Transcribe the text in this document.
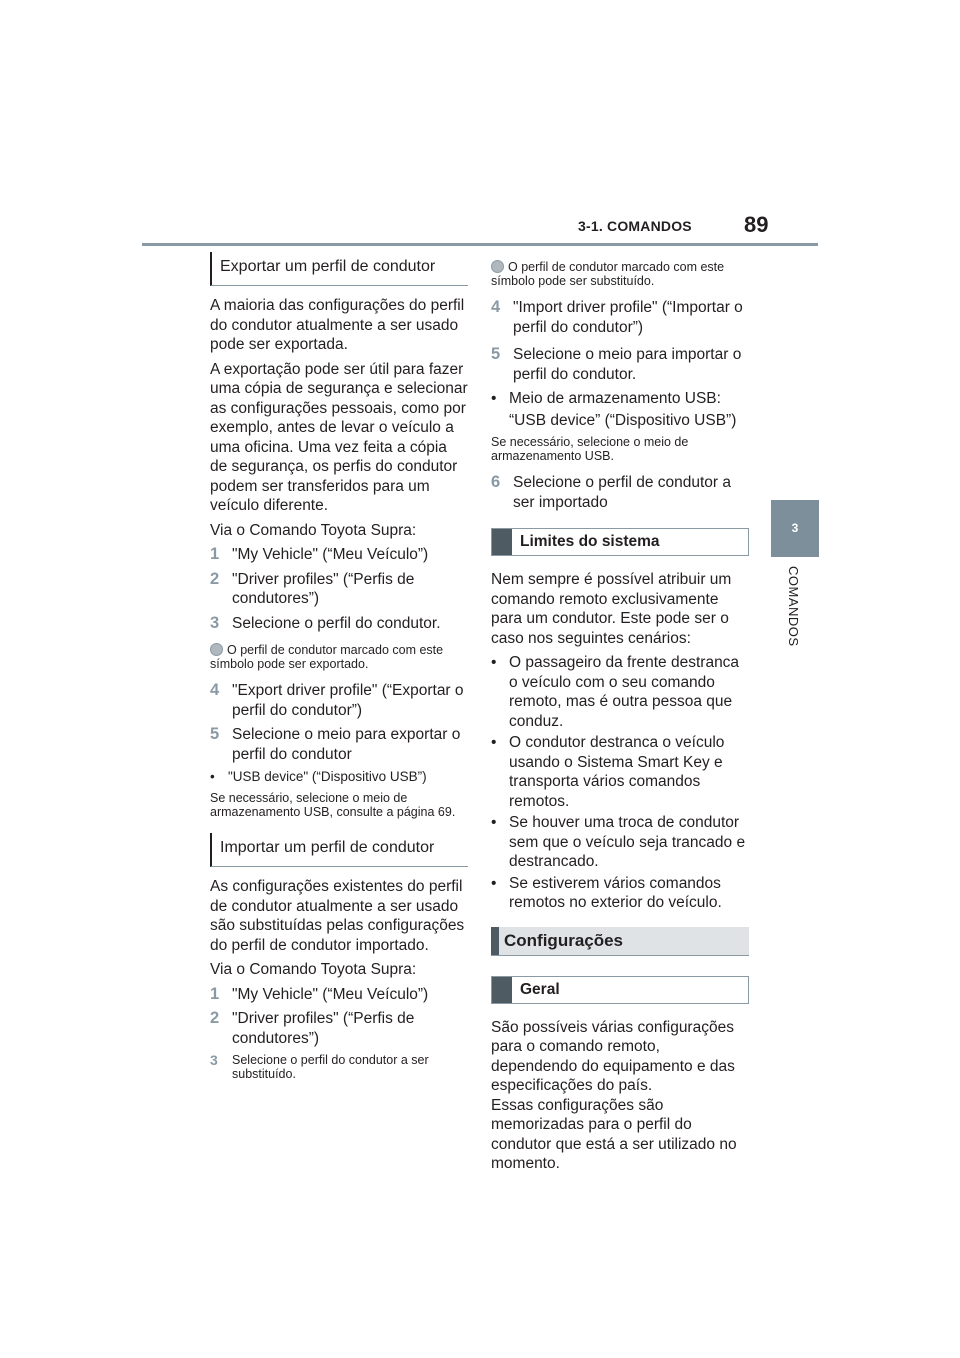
3-1. COMANDOS 89
3
COMANDOS
Exportar um perfil de condutor

A maioria das configurações do perfil do condutor atualmente a ser usado pode ser exportada.

A exportação pode ser útil para fazer uma cópia de segurança e selecionar as configurações pessoais, como por exemplo, antes de levar o veículo a uma oficina. Uma vez feita a cópia de segurança, os perfis do condutor podem ser transferidos para um veículo diferente.

Via o Comando Toyota Supra:

1 "My Vehicle" (“Meu Veículo”)
2 "Driver profiles" (“Perfis de condutores”)
3 Selecione o perfil do condutor.

O perfil de condutor marcado com este símbolo pode ser exportado.

4 "Export driver profile" (“Exportar o perfil do condutor”)
5 Selecione o meio para exportar o perfil do condutor
• "USB device" (“Dispositivo USB”)

Se necessário, selecione o meio de armazenamento USB, consulte a página 69.

Importar um perfil de condutor

As configurações existentes do perfil de condutor atualmente a ser usado são substituídas pelas configurações do perfil de condutor importado.

Via o Comando Toyota Supra:

1 "My Vehicle" (“Meu Veículo”)
2 "Driver profiles" (“Perfis de condutores”)
3	Selecione o perfil do condutor a ser substituído.

O perfil de condutor marcado com este símbolo pode ser substituído.

4 "Import driver profile" (“Importar o perfil do condutor”)
5 Selecione o meio para importar o perfil do condutor.
• Meio de armazenamento USB:

“USB device” (“Dispositivo USB”)

Se necessário, selecione o meio de armazenamento USB.

6 Selecione o perfil de condutor a ser importado
Limites do sistema

Nem sempre é possível atribuir um comando remoto exclusivamente para um condutor. Este pode ser o caso nos seguintes cenários:

• O passageiro da frente destranca o veículo com o seu comando remoto, mas é outra pessoa que conduz.
• O condutor destranca o veículo usando o Sistema Smart Key e transporta vários comandos remotos.
• Se houver uma troca de condutor sem que o veículo seja trancado e destrancado.
• Se estiverem vários comandos remotos no exterior do veículo.
Configurações
Geral

São possíveis várias configurações para o comando remoto, dependendo do equipamento e das especificações do país.

Essas configurações são memorizadas para o perfil do condutor que está a ser utilizado no momento.
